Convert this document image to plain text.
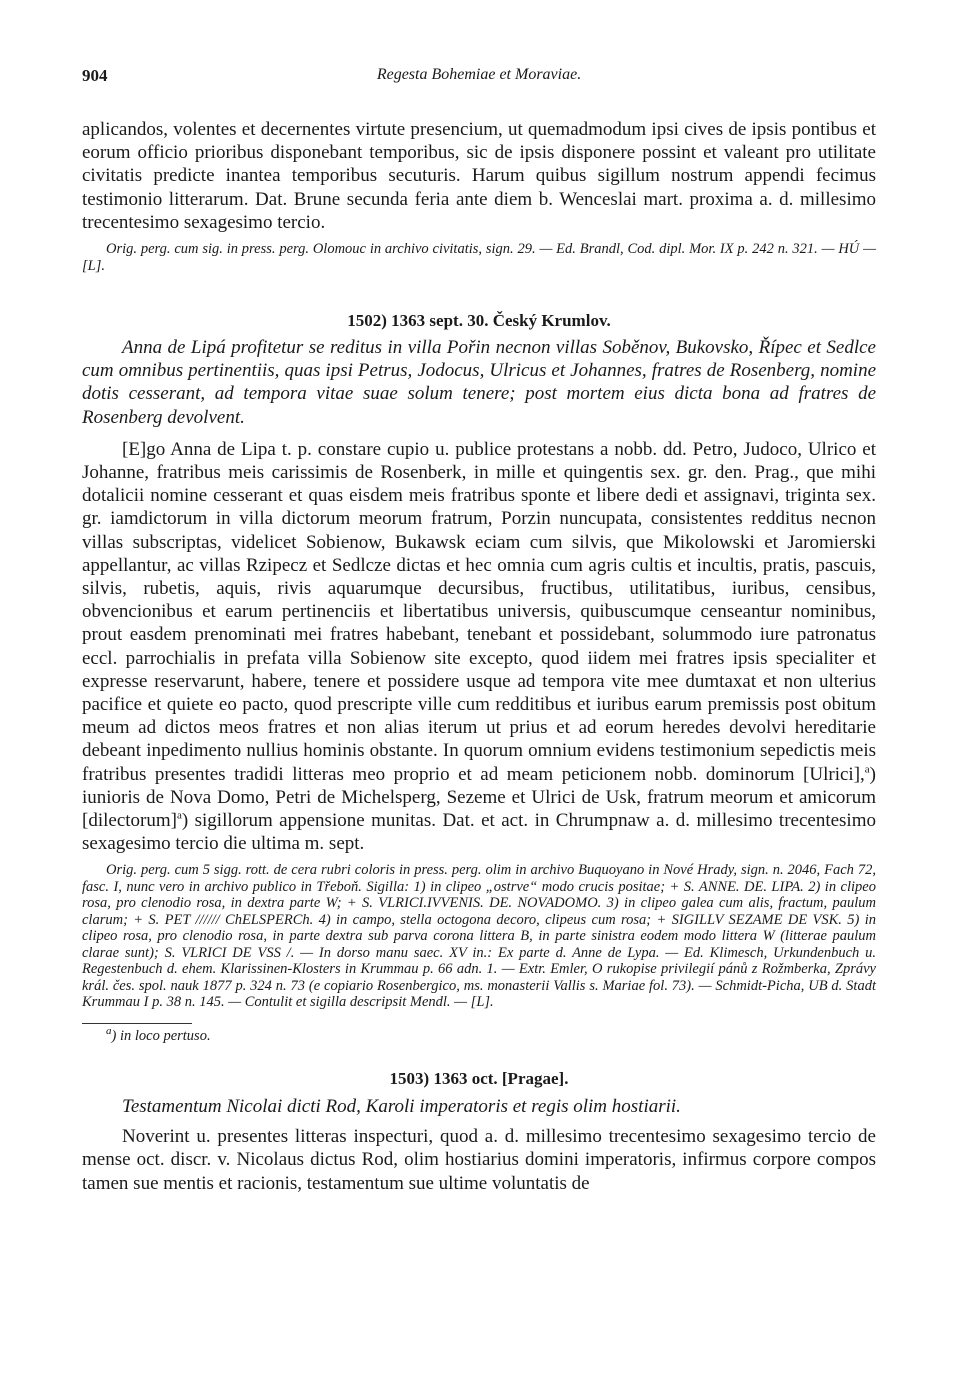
904	Regesta Bohemiae et Moraviae.

aplicandos, volentes et decernentes virtute presencium, ut quemadmodum ipsi cives de ipsis pontibus et eorum officio prioribus disponebant temporibus, sic de ipsis disponere possint et valeant pro utilitate civitatis predicte inantea temporibus secuturis. Harum quibus sigillum nostrum appendi fecimus testimonio litterarum. Dat. Brune secunda feria ante diem b. Wenceslai mart. proxima a. d. millesimo trecentesimo sexagesimo tercio.

Orig. perg. cum sig. in press. perg. Olomouc in archivo civitatis, sign. 29. — Ed. Brandl, Cod. dipl. Mor. IX p. 242 n. 321. — HÚ — [L].

1502) 1363 sept. 30. Český Krumlov.

Anna de Lipá profitetur se reditus in villa Pořin necnon villas Soběnov, Bukovsko, Řípec et Sedlce cum omnibus pertinentiis, quas ipsi Petrus, Jodocus, Ulricus et Johannes, fratres de Rosenberg, nomine dotis cesserant, ad tempora vitae suae solum tenere; post mortem eius dicta bona ad fratres de Rosenberg devolvent.

[E]go Anna de Lipa t. p. constare cupio u. publice protestans a nobb. dd. Petro, Judoco, Ulrico et Johanne, fratribus meis carissimis de Rosenberk, in mille et quingentis sex. gr. den. Prag., que mihi dotalicii nomine cesserant et quas eisdem meis fratribus sponte et libere dedi et assignavi, triginta sex. gr. iamdictorum in villa dictorum meorum fratrum, Porzin nuncupata, consistentes redditus necnon villas subscriptas, videlicet Sobienow, Bukawsk eciam cum silvis, que Mikolowski et Jaromierski appellantur, ac villas Rzipecz et Sedlcze dictas et hec omnia cum agris cultis et incultis, pratis, pascuis, silvis, rubetis, aquis, rivis aquarumque decursibus, fructibus, utilitatibus, iuribus, censibus, obvencionibus et earum pertinenciis et libertatibus universis, quibuscumque censeantur nominibus, prout easdem prenominati mei fratres habebant, tenebant et possidebant, solummodo iure patronatus eccl. parrochialis in prefata villa Sobienow site excepto, quod iidem mei fratres ipsis specialiter et expresse reservarunt, habere, tenere et possidere usque ad tempora vite mee dumtaxat et non ulterius pacifice et quiete eo pacto, quod prescripte ville cum redditibus et iuribus earum premissis post obitum meum ad dictos meos fratres et non alias iterum ut prius et ad eorum heredes devolvi hereditarie debeant inpedimento nullius hominis obstante. In quorum omnium evidens testimonium sepedictis meis fratribus presentes tradidi litteras meo proprio et ad meam peticionem nobb. dominorum [Ulrici],$^a$) iunioris de Nova Domo, Petri de Michelsperg, Sezeme et Ulrici de Usk, fratrum meorum et amicorum [dilectorum]$^a$) sigillorum appensione munitas. Dat. et act. in Chrumpnaw a. d. millesimo trecentesimo sexagesimo tercio die ultima m. sept.

Orig. perg. cum 5 sigg. rott. de cera rubri coloris in press. perg. olim in archivo Buquoyano in Nové Hrady, sign. n. 2046, Fach 72, fasc. I, nunc vero in archivo publico in Třeboň. Sigilla: 1) in clipeo „ostrve“ modo crucis positae; + S. ANNE. DE. LIPA. 2) in clipeo rosa, pro clenodio rosa, in dextra parte W; + S. VLRICI.IVVENIS. DE. NOVADOMO. 3) in clipeo galea cum alis, fractum, paulum clarum; + S. PET ////// ChELSPERCh. 4) in campo, stella octogona decoro, clipeus cum rosa; + SIGILLV SEZAME DE VSK. 5) in clipeo rosa, pro clenodio rosa, in parte dextra sub parva corona littera B, in parte sinistra eodem modo littera W (litterae paulum clarae sunt); S. VLRICI DE VSS /. — In dorso manu saec. XV in.: Ex parte d. Anne de Lypa. — Ed. Klimesch, Urkundenbuch u. Regestenbuch d. ehem. Klarissinen-Klosters in Krummau p. 66 adn. 1. — Extr. Emler, O rukopise privilegií pánů z Rožmberka, Zprávy král. čes. spol. nauk 1877 p. 324 n. 73 (e copiario Rosenbergico, ms. monasterii Vallis s. Mariae fol. 73). — Schmidt-Picha, UB d. Stadt Krummau I p. 38 n. 145. — Contulit et sigilla descripsit Mendl. — [L].

$^a$) in loco pertuso.

1503) 1363 oct. [Pragae].

Testamentum Nicolai dicti Rod, Karoli imperatoris et regis olim hostiarii.

Noverint u. presentes litteras inspecturi, quod a. d. millesimo trecentesimo sexagesimo tercio de mense oct. discr. v. Nicolaus dictus Rod, olim hostiarius domini imperatoris, infirmus corpore compos tamen sue mentis et racionis, testamentum sue ultime voluntatis de
